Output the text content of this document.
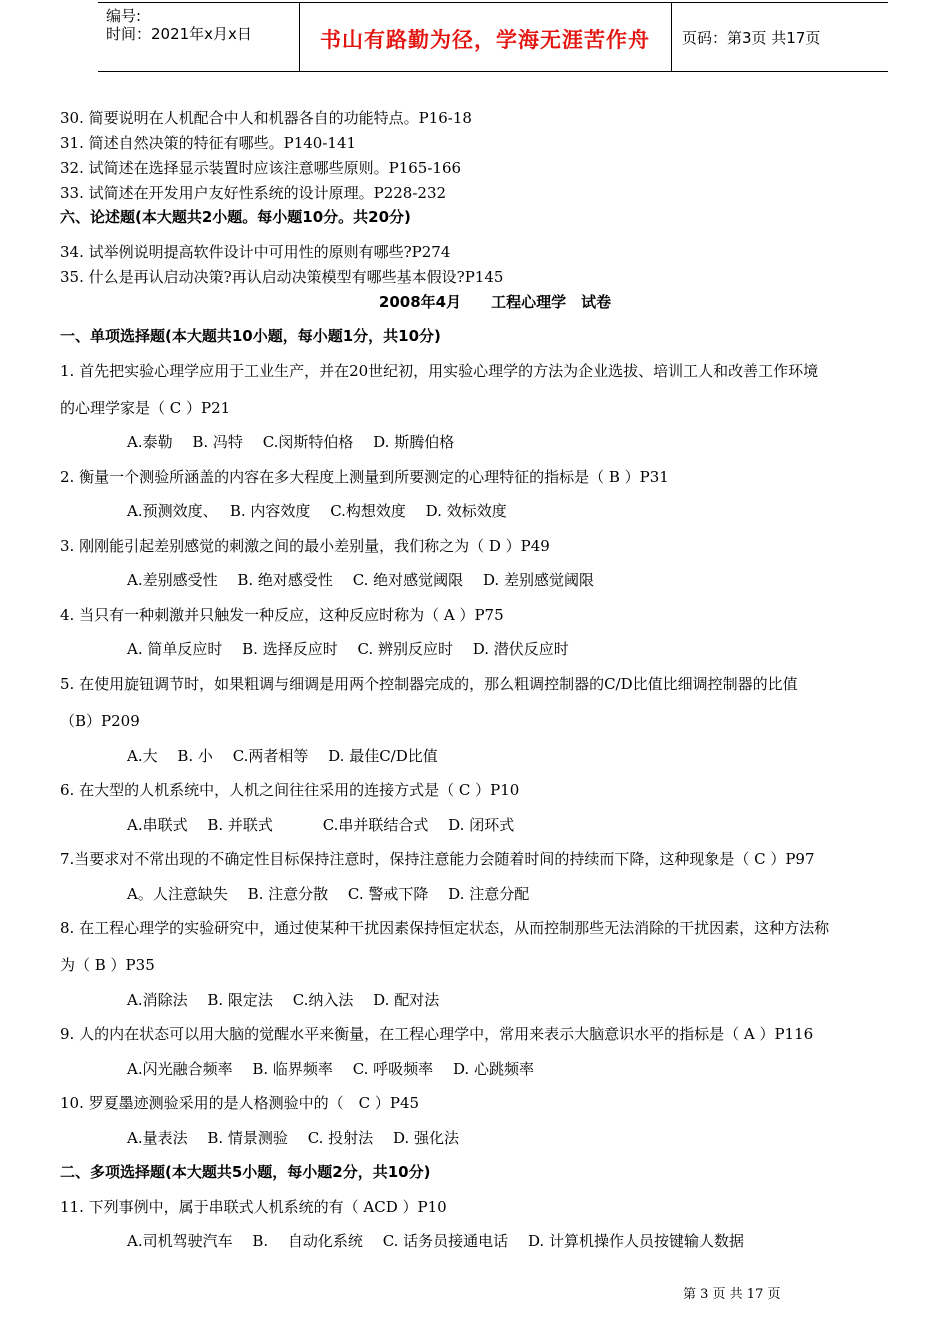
编号:
时间：2021年x月x日	书山有路勤为径，学海无涯苦作舟	页码：第3页 共17页
30. 简要说明在人机配合中人和机器各自的功能特点。P16-18
31. 简述自然决策的特征有哪些。P140-141
32. 试简述在选择显示装置时应该注意哪些原则。P165-166
33. 试简述在开发用户友好性系统的设计原理。P228-232
六、论述题(本大题共2小题。每小题10分。共20分)
34. 试举例说明提高软件设计中可用性的原则有哪些?P274
35. 什么是再认启动决策?再认启动决策模型有哪些基本假设?P145
2008年4月　　工程心理学　试卷
一、单项选择题(本大题共10小题，每小题1分，共10分)
1. 首先把实验心理学应用于工业生产，并在20世纪初，用实验心理学的方法为企业选拔、培训工人和改善工作环境
的心理学家是（ C ）P21
A.泰勒　 B. 冯特　 C.闵斯特伯格　 D. 斯腾伯格
2. 衡量一个测验所涵盖的内容在多大程度上测量到所要测定的心理特征的指标是（ B ）P31
A.预测效度、　 B. 内容效度　 C.构想效度　 D. 效标效度
3. 刚刚能引起差别感觉的刺激之间的最小差别量，我们称之为（ D ）P49
A.差别感受性　 B. 绝对感受性　 C. 绝对感觉阈限　 D. 差别感觉阈限
4. 当只有一种刺激并只触发一种反应，这种反应时称为（ A ）P75
A. 简单反应时　 B. 选择反应时　 C. 辨别反应时　 D. 潜伏反应时
5. 在使用旋钮调节时，如果粗调与细调是用两个控制器完成的，那么粗调控制器的C/D比值比细调控制器的比值
（B）P209
A.大　 B. 小　 C.两者相等　 D. 最佳C/D比值
6. 在大型的人机系统中，人机之间往往采用的连接方式是（ C ）P10
A.串联式　 B. 并联式　　　 C.串并联结合式　 D. 闭环式
7.当要求对不常出现的不确定性目标保持注意时，保持注意能力会随着时间的持续而下降，这种现象是（ C ）P97
A。人注意缺失　 B. 注意分散　 C. 警戒下降　 D. 注意分配
8. 在工程心理学的实验研究中，通过使某种干扰因素保持恒定状态，从而控制那些无法消除的干扰因素，这种方法称
为（ B ）P35
A.消除法　 B. 限定法　 C.纳入法　 D. 配对法
9. 人的内在状态可以用大脑的觉醒水平来衡量，在工程心理学中，常用来表示大脑意识水平的指标是（ A ）P116
A.闪光融合频率　 B. 临界频率　 C. 呼吸频率　 D. 心跳频率
10. 罗夏墨迹测验采用的是人格测验中的（　C ）P45
A.量表法　 B. 情景测验　 C. 投射法　 D. 强化法
二、多项选择题(本大题共5小题，每小题2分，共10分)
11. 下列事例中，属于串联式人机系统的有（ ACD ）P10
A.司机驾驶汽车　 B.　 自动化系统　 C. 话务员接通电话　 D. 计算机操作人员按键输人数据
第 3 页 共 17 页
